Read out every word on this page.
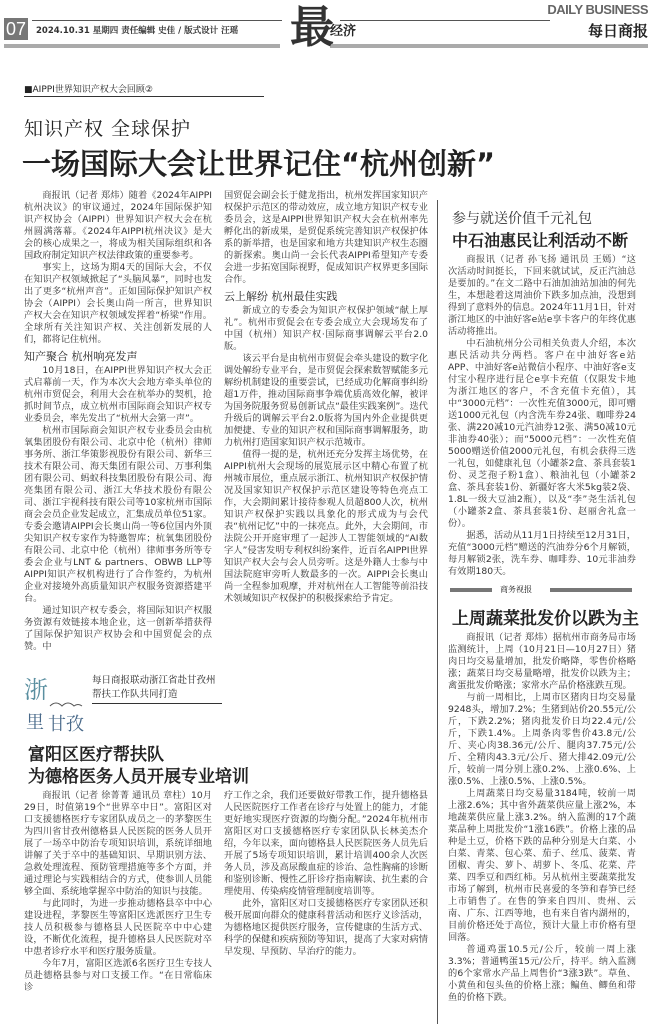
07 2024.10.31 星期四 责任编辑 史佳 / 版式设计 汪瑶 最
经济
DAILY BUSINESS
每日商报
■AIPPI世界知识产权大会回顾②
知识产权 全球保护
一场国际大会让世界记住“杭州创新”

商报讯（记者 郑炜）随着《2024年AIPPI杭州决议》的审议通过，2024年国际保护知识产权协会（AIPPI）世界知识产权大会在杭州圆满落幕。《2024年AIPPI杭州决议》是大会的核心成果之一，将成为相关国际组织和各国政府制定知识产权法律政策的重要参考。

事实上，这场为期4天的国际大会，不仅在知识产权领域掀起了“头脑风暴”，同时也发出了更多“杭州声音”。正如国际保护知识产权协会（AIPPI）会长奥山尚一所言，世界知识产权大会在知识产权领域发挥着“桥梁”作用。全球所有关注知识产权、关注创新发展的人们，都将记住杭州。

知产聚合 杭州响亮发声

10月18日，在AIPPI世界知识产权大会正式启幕前一天，作为本次大会地方牵头单位的杭州市贸促会，利用大会在杭举办的契机，抢抓时间节点，成立杭州市国际商会知识产权专业委员会，率先发出了“杭州大会第一声”。

杭州市国际商会知识产权专业委员会由杭氧集团股份有限公司、北京中伦（杭州）律师事务所、浙江华策影视股份有限公司、新华三技术有限公司、海天集团有限公司、万事利集团有限公司、蚂蚁科技集团股份有限公司、海亮集团有限公司、浙江大华技术股份有限公司、浙江宇视科技有限公司等10家杭州市国际商会会员企业发起成立，汇集成员单位51家。专委会邀请AIPPI会长奥山尚一等6位国内外顶尖知识产权专家作为特邀智库；杭氧集团股份有限公司、北京中伦（杭州）律师事务所等专委会企业与LNT & partners、OBWB LLP等AIPPI知识产权机构进行了合作签约，为杭州企业对接境外高质量知识产权服务资源搭建平台。

通过知识产权专委会，将国际知识产权服务资源有效链接本地企业，这一创新举措获得了国际保护知识产权协会和中国贸促会的点赞。中

国贸促会副会长于健龙指出，杭州发挥国家知识产权保护示范区的带动效应，成立地方知识产权专业委员会，这是AIPPI世界知识产权大会在杭州率先孵化出的新成果，是贸促系统完善知识产权保护体系的新举措，也是国家和地方共建知识产权生态圈的新探索。奥山尚一会长代表AIPPI希望知产专委会进一步拓宽国际视野，促成知识产权界更多国际合作。

云上解纷 杭州最佳实践

新成立的专委会为知识产权保护领域“献上厚礼”。杭州市贸促会在专委会成立大会现场发布了中国（杭州）知识产权·国际商事调解云平台2.0版。

该云平台是由杭州市贸促会牵头建设的数字化调处解纷专业平台，是市贸促会探索数智赋能多元解纷机制建设的重要尝试，已经成功化解商事纠纷超1万件，推动国际商事争端优质高效化解，被评为国务院服务贸易创新试点“最佳实践案例”。迭代升级后的调解云平台2.0版将为国内外企业提供更加便捷、专业的知识产权和国际商事调解服务，助力杭州打造国家知识产权示范城市。

值得一提的是，杭州还充分发挥主场优势，在AIPPI杭州大会现场的展览展示区中精心布置了杭州城市展位，重点展示浙江、杭州知识产权保护情况及国家知识产权保护示范区建设等特色亮点工作，大会期间累计接待参观人员超800人次，杭州知识产权保护实践以具象化的形式成为与会代表“杭州记忆”中的一抹亮点。此外，大会期间，市法院公开开庭审理了一起涉人工智能领域的“AI数字人”侵害发明专利权纠纷案件，近百名AIPPI世界知识产权大会与会人员旁听。这是外籍人士参与中国法院庭审旁听人数最多的一次。AIPPI会长奥山尚一全程参加观摩，并对杭州在人工智能等前沿技术领域知识产权保护的积极探索给予肯定。

参与就送价值千元礼包
中石油惠民让利活动不断

商报讯（记者 孙飞扬 通讯员 王嫣）“这次活动时间挺长，下回来就试试，反正汽油总是要加的。”在文二路中石油加油站加油的何先生，本想趁着这周油价下跌多加点油，没想到得到了意料外的信息。2024年11月1日，针对浙江地区的中油好客e站e享卡客户的年终优惠活动将推出。

中石油杭州分公司相关负责人介绍，本次惠民活动共分两档。客户在中油好客e站APP、中油好客e站微信小程序、中油好客e支付宝小程序进行昆仑e享卡充值（仅限发卡地为浙江地区的客户，不含充值卡充值），其中“3000元档”：一次性充值3000元，即可赠送1000元礼包（内含洗车券24张、咖啡券24张、满220减10元汽油券12张、满50减10元非油券40张）；而“5000元档”：一次性充值5000赠送价值2000元礼包，有机会获得三选一礼包，如健康礼包（小罐茶2盒、茶具套装1份、灵芝孢子粉1盒）、粮油礼包（小罐茶2盒、茶具套装1份、新疆好客大米5kg装2袋、1.8L一级大豆油2瓶），以及“李”尧生活礼包（小罐茶2盒、茶具套装1份、赵丽舍礼盒一份）。

据悉，活动从11月1日持续至12月31日，充值“3000元档”赠送的汽油券分6个月解锁，每月解锁2张，洗车券、咖啡券、10元非油券有效期180天。

商务视报
上周蔬菜批发价以跌为主

商报讯（记者 郑炜）据杭州市商务局市场监测统计，上周（10月21日—10月27日）猪肉日均交易量增加，批发价略降，零售价格略涨；蔬菜日均交易量略增，批发价以跌为主；禽蛋批发价略涨；家常水产品价格涨跌互现。

与前一周相比，上周市区猪肉日均交易量9248头，增加7.2%；生猪到站价20.55元/公斤，下跌2.2%；猪肉批发价日均22.4元/公斤，下跌1.4%。上周条肉零售价43.8元/公斤、夹心肉38.36元/公斤、腿肉37.75元/公斤、全精肉43.3元/公斤、猪大排42.09元/公斤，较前一周分别上涨0.2%、上涨0.6%、上涨0.5%、上涨0.5%、上涨0.5%。

上周蔬菜日均交易量3184吨，较前一周上涨2.6%；其中省外蔬菜供应量上涨2%，本地蔬菜供应量上涨3.2%。纳入监测的17个蔬菜品种上周批发价“1涨16跌”。价格上涨的品种是土豆，价格下跌的品种分别是大白菜、小白菜、青菜、包心菜、茄子、丝瓜、菠菜、青团椒、青尖、萝卜、胡萝卜、冬瓜、花菜、芹菜、四季豆和西红柿。另从杭州主要蔬菜批发市场了解到，杭州市民喜爱的冬笋和春笋已经上市销售了。在售的笋来自四川、贵州、云南、广东、江西等地，也有来自省内湖州的，目前价格还处于高位，预计大量上市价格有望回落。

普通鸡蛋10.5元/公斤，较前一周上涨3.3%；普通鸭蛋15元/公斤，持平。纳入监测的6个家常水产品上周售价“3涨3跌”。草鱼、小黄鱼和包头鱼的价格上涨；鳊鱼、鲫鱼和带鱼的价格下跌。

浙
里 甘孜
每日商报联动浙江省赴甘孜州帮扶工作队共同打造
富阳区医疗帮扶队
为德格医务人员开展专业培训

商报讯（记者 徐菁菁 通讯员 章柱）10月29日，时值第19个“世界卒中日”。富阳区对口支援德格医疗专家团队成员之一的茅黎医生为四川省甘孜州德格县人民医院的医务人员开展了一场卒中防治专项知识培训，系统详细地讲解了关于卒中的基础知识、早期识别方法、急救处理流程、预防管理措施等多个方面，并通过理论与实践相结合的方式，使参训人员能够全面、系统地掌握卒中防治的知识与技能。

与此同时，为进一步推动德格县卒中中心建设进程，茅黎医生等富阳区选派医疗卫生专技人员积极参与德格县人民医院卒中中心建设，不断优化流程，提升德格县人民医院对卒中患者诊疗水平和医疗服务质量。

今年7月，富阳区选派6名医疗卫生专技人员赴德格县参与对口支援工作。“在日常临床诊

疗工作之余，我们还要做好带教工作，提升德格县人民医院医疗工作者在诊疗与处置上的能力，才能更好地实现医疗资源的均衡分配。”2024年杭州市富阳区对口支援德格医疗专家团队队长林美杰介绍，今年以来，面向德格县人民医院医务人员先后开展了5场专项知识培训，累计培训400余人次医务人员，涉及高尿酸血症的诊治、急性胸痛的诊断和鉴别诊断、慢性乙肝诊疗指南解读、抗生素的合理使用、传染病疫情管理制度培训等。

此外，富阳区对口支援德格医疗专家团队还积极开展面向群众的健康科普活动和医疗义诊活动，为德格地区提供医疗服务，宣传健康的生活方式、科学的保健和疾病预防等知识，提高了大家对病情早发现、早预防、早治疗的能力。
